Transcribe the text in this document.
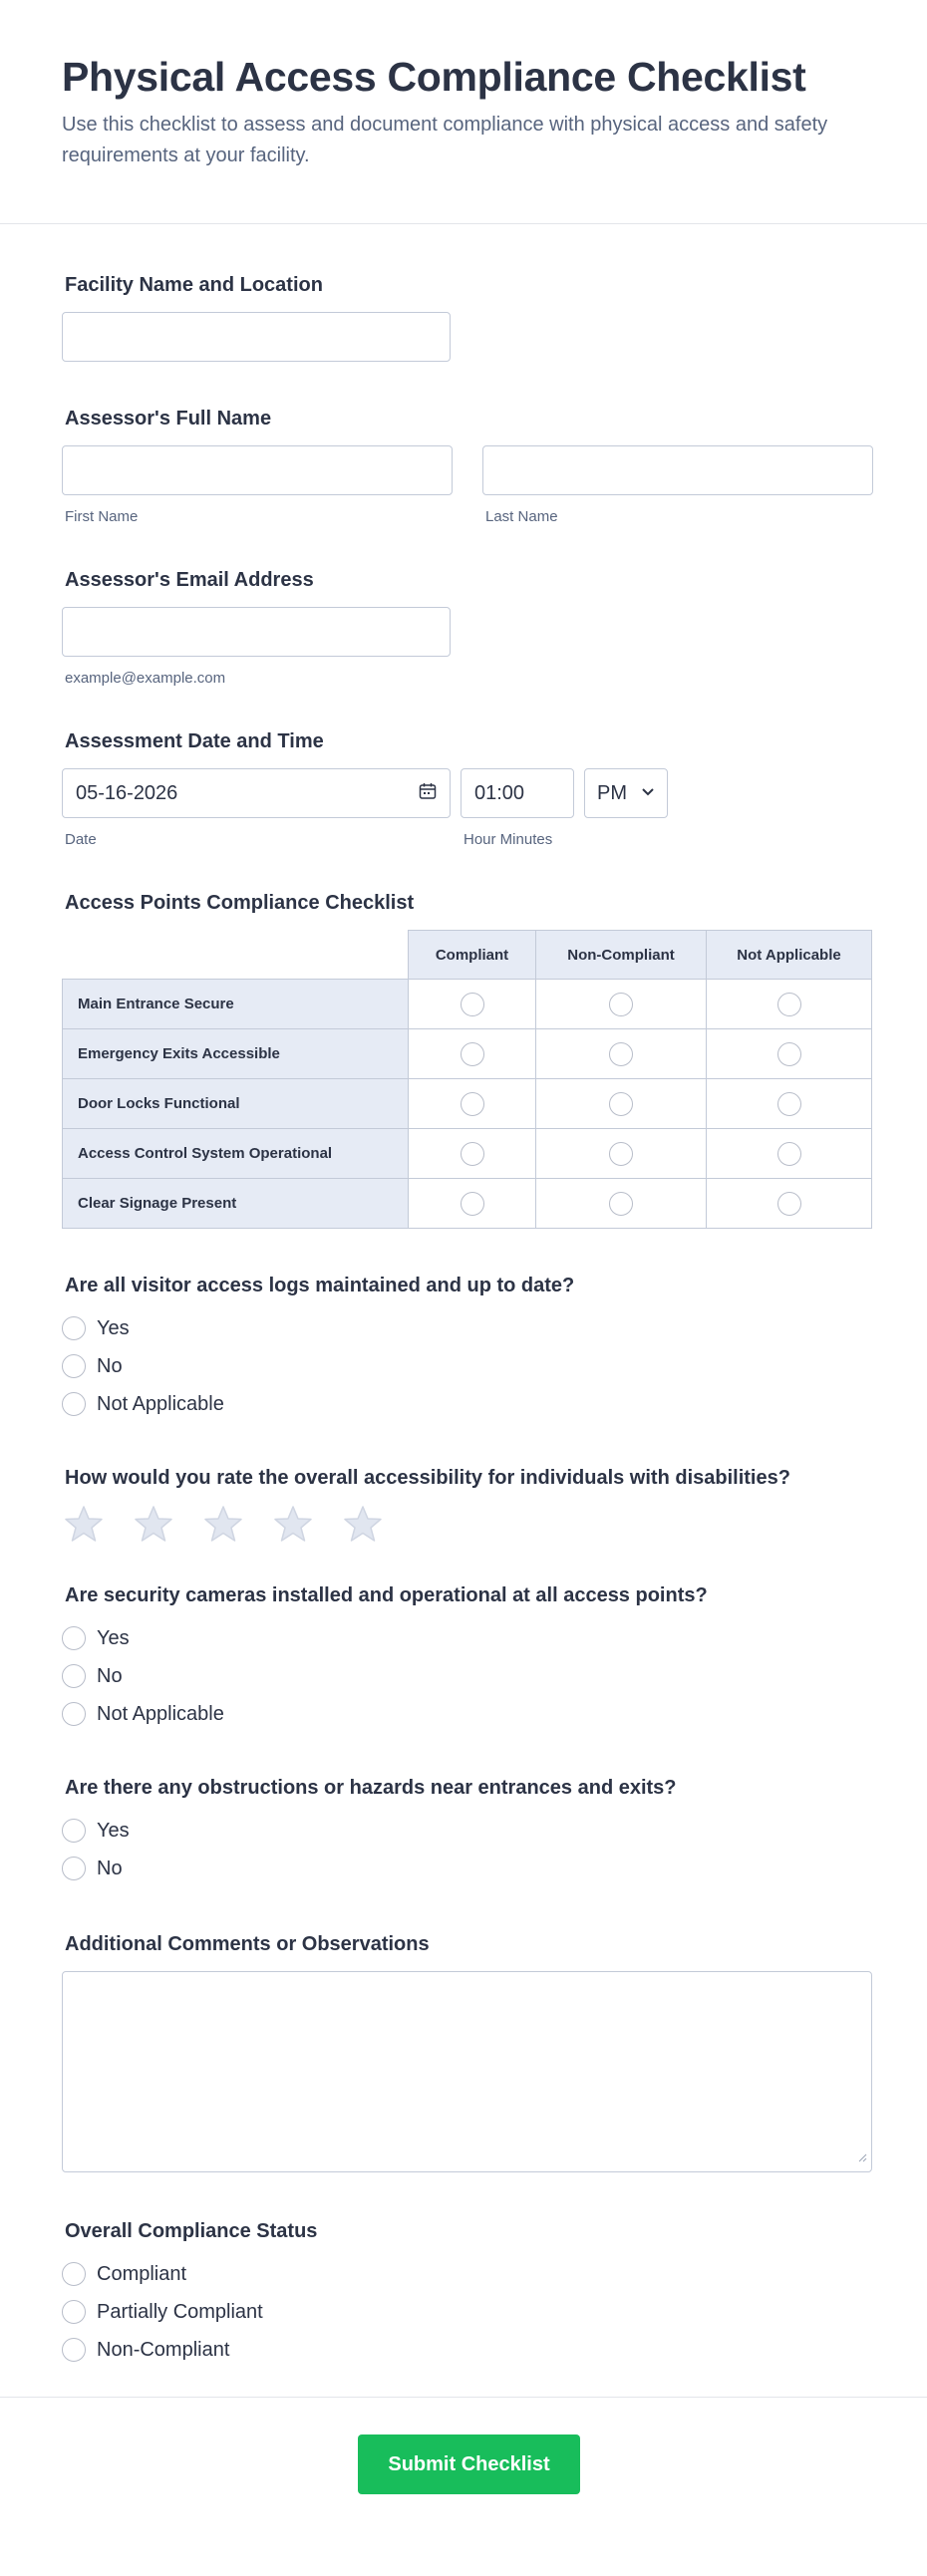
Physical Access Compliance Checklist

Use this checklist to assess and document compliance with physical access and safety requirements at your facility.

Facility Name and Location
Assessor's Full Name
First Name	Last Name
Assessor's Email Address
example@example.com
Assessment Date and Time
05-16-2026
Date
01:00	PM
Hour Minutes
Access Points Compliance Checklist
	Compliant	Non-Compliant	Not Applicable
Main Entrance Secure			
Emergency Exits Accessible			
Door Locks Functional			
Access Control System Operational			
Clear Signage Present			
Are all visitor access logs maintained and up to date?
Yes
No
Not Applicable
How would you rate the overall accessibility for individuals with disabilities?
Are security cameras installed and operational at all access points?
Yes
No
Not Applicable
Are there any obstructions or hazards near entrances and exits?
Yes
No
Additional Comments or Observations
Overall Compliance Status
Compliant
Partially Compliant
Non-Compliant
Submit Checklist
